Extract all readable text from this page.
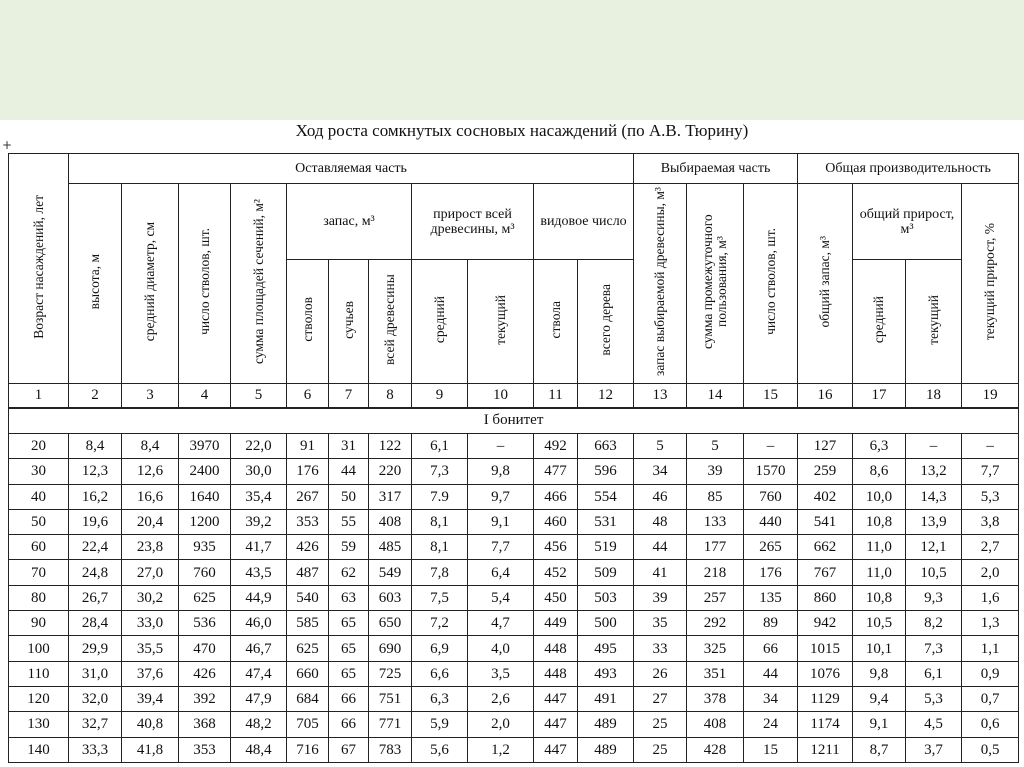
Ход роста сомкнутых сосновых насаждений (по А.В. Тюрину)
+
Возраст насаждений, лет	Оставляемая часть											Выбираемая часть			Общая производительность			
	высота, м	средний диаметр, см	число стволов, шт.	сумма площадей сечений, м²	запас, м³			прирост всей древесины, м³		видовое число		запас выбираемой древесины, м³	сумма промежуточного пользования, м³	число стволов, шт.	общий запас, м³	общий прирост, м³		текущий прирост, %
					стволов	сучьев	всей древесины	средний	текущий	ствола	всего дерева					средний	текущий	
1	2	3	4	5	6	7	8	9	10	11	12	13	14	15	16	17	18	19
I бонитет																		
20	8,4	8,4	3970	22,0	91	31	122	6,1	–	492	663	5	5	–	127	6,3	–	–
30	12,3	12,6	2400	30,0	176	44	220	7,3	9,8	477	596	34	39	1570	259	8,6	13,2	7,7
40	16,2	16,6	1640	35,4	267	50	317	7.9	9,7	466	554	46	85	760	402	10,0	14,3	5,3
50	19,6	20,4	1200	39,2	353	55	408	8,1	9,1	460	531	48	133	440	541	10,8	13,9	3,8
60	22,4	23,8	935	41,7	426	59	485	8,1	7,7	456	519	44	177	265	662	11,0	12,1	2,7
70	24,8	27,0	760	43,5	487	62	549	7,8	6,4	452	509	41	218	176	767	11,0	10,5	2,0
80	26,7	30,2	625	44,9	540	63	603	7,5	5,4	450	503	39	257	135	860	10,8	9,3	1,6
90	28,4	33,0	536	46,0	585	65	650	7,2	4,7	449	500	35	292	89	942	10,5	8,2	1,3
100	29,9	35,5	470	46,7	625	65	690	6,9	4,0	448	495	33	325	66	1015	10,1	7,3	1,1
110	31,0	37,6	426	47,4	660	65	725	6,6	3,5	448	493	26	351	44	1076	9,8	6,1	0,9
120	32,0	39,4	392	47,9	684	66	751	6,3	2,6	447	491	27	378	34	1129	9,4	5,3	0,7
130	32,7	40,8	368	48,2	705	66	771	5,9	2,0	447	489	25	408	24	1174	9,1	4,5	0,6
140	33,3	41,8	353	48,4	716	67	783	5,6	1,2	447	489	25	428	15	1211	8,7	3,7	0,5
